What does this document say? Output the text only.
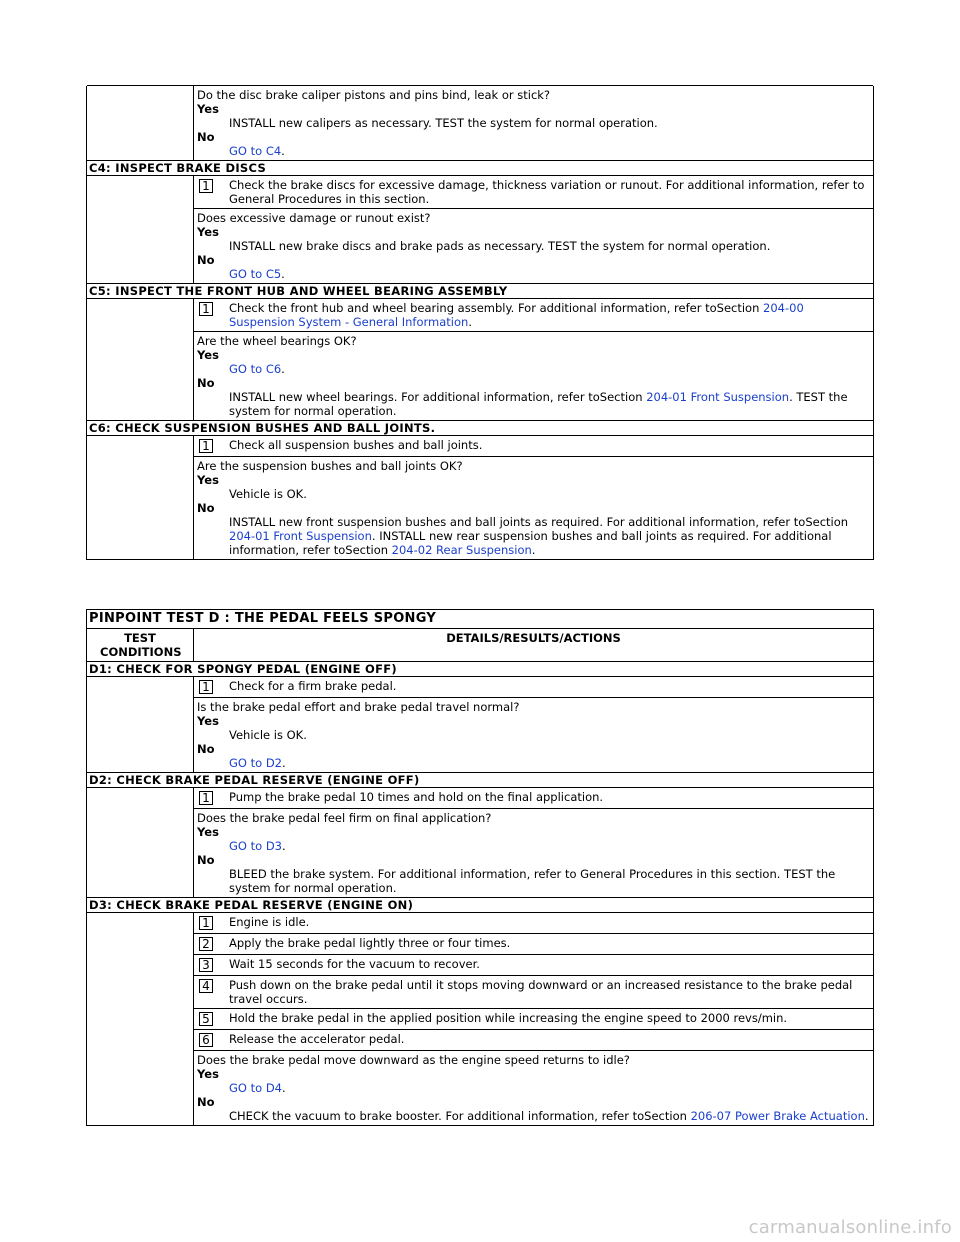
Do the disc brake caliper pistons and pins bind, leak or stick?
Yes
INSTALL new calipers as necessary. TEST the system for normal operation.
No
GO to C4.
C4: INSPECT BRAKE DISCS
1 Check the brake discs for excessive damage, thickness variation or runout. For additional information, refer to General Procedures in this section.
Does excessive damage or runout exist?
Yes
INSTALL new brake discs and brake pads as necessary. TEST the system for normal operation.
No
GO to C5.
C5: INSPECT THE FRONT HUB AND WHEEL BEARING ASSEMBLY
1 Check the front hub and wheel bearing assembly. For additional information, refer toSection 204-00 Suspension System - General Information.
Are the wheel bearings OK?
Yes
GO to C6.
No
INSTALL new wheel bearings. For additional information, refer toSection 204-01 Front Suspension. TEST the system for normal operation.
C6: CHECK SUSPENSION BUSHES AND BALL JOINTS.
1 Check all suspension bushes and ball joints.
Are the suspension bushes and ball joints OK?
Yes
Vehicle is OK.
No
INSTALL new front suspension bushes and ball joints as required. For additional information, refer toSection 204-01 Front Suspension. INSTALL new rear suspension bushes and ball joints as required. For additional information, refer toSection 204-02 Rear Suspension.
PINPOINT TEST D : THE PEDAL FEELS SPONGY
TEST CONDITIONS
DETAILS/RESULTS/ACTIONS
D1: CHECK FOR SPONGY PEDAL (ENGINE OFF)
1 Check for a firm brake pedal.
Is the brake pedal effort and brake pedal travel normal?
Yes
Vehicle is OK.
No
GO to D2.
D2: CHECK BRAKE PEDAL RESERVE (ENGINE OFF)
1 Pump the brake pedal 10 times and hold on the final application.
Does the brake pedal feel firm on final application?
Yes
GO to D3.
No
BLEED the brake system. For additional information, refer to General Procedures in this section. TEST the system for normal operation.
D3: CHECK BRAKE PEDAL RESERVE (ENGINE ON)
1 Engine is idle.
2 Apply the brake pedal lightly three or four times.
3 Wait 15 seconds for the vacuum to recover.
4 Push down on the brake pedal until it stops moving downward or an increased resistance to the brake pedal travel occurs.
5 Hold the brake pedal in the applied position while increasing the engine speed to 2000 revs/min.
6 Release the accelerator pedal.
Does the brake pedal move downward as the engine speed returns to idle?
Yes
GO to D4.
No
CHECK the vacuum to brake booster. For additional information, refer toSection 206-07 Power Brake Actuation.
carmanualsonline.info
